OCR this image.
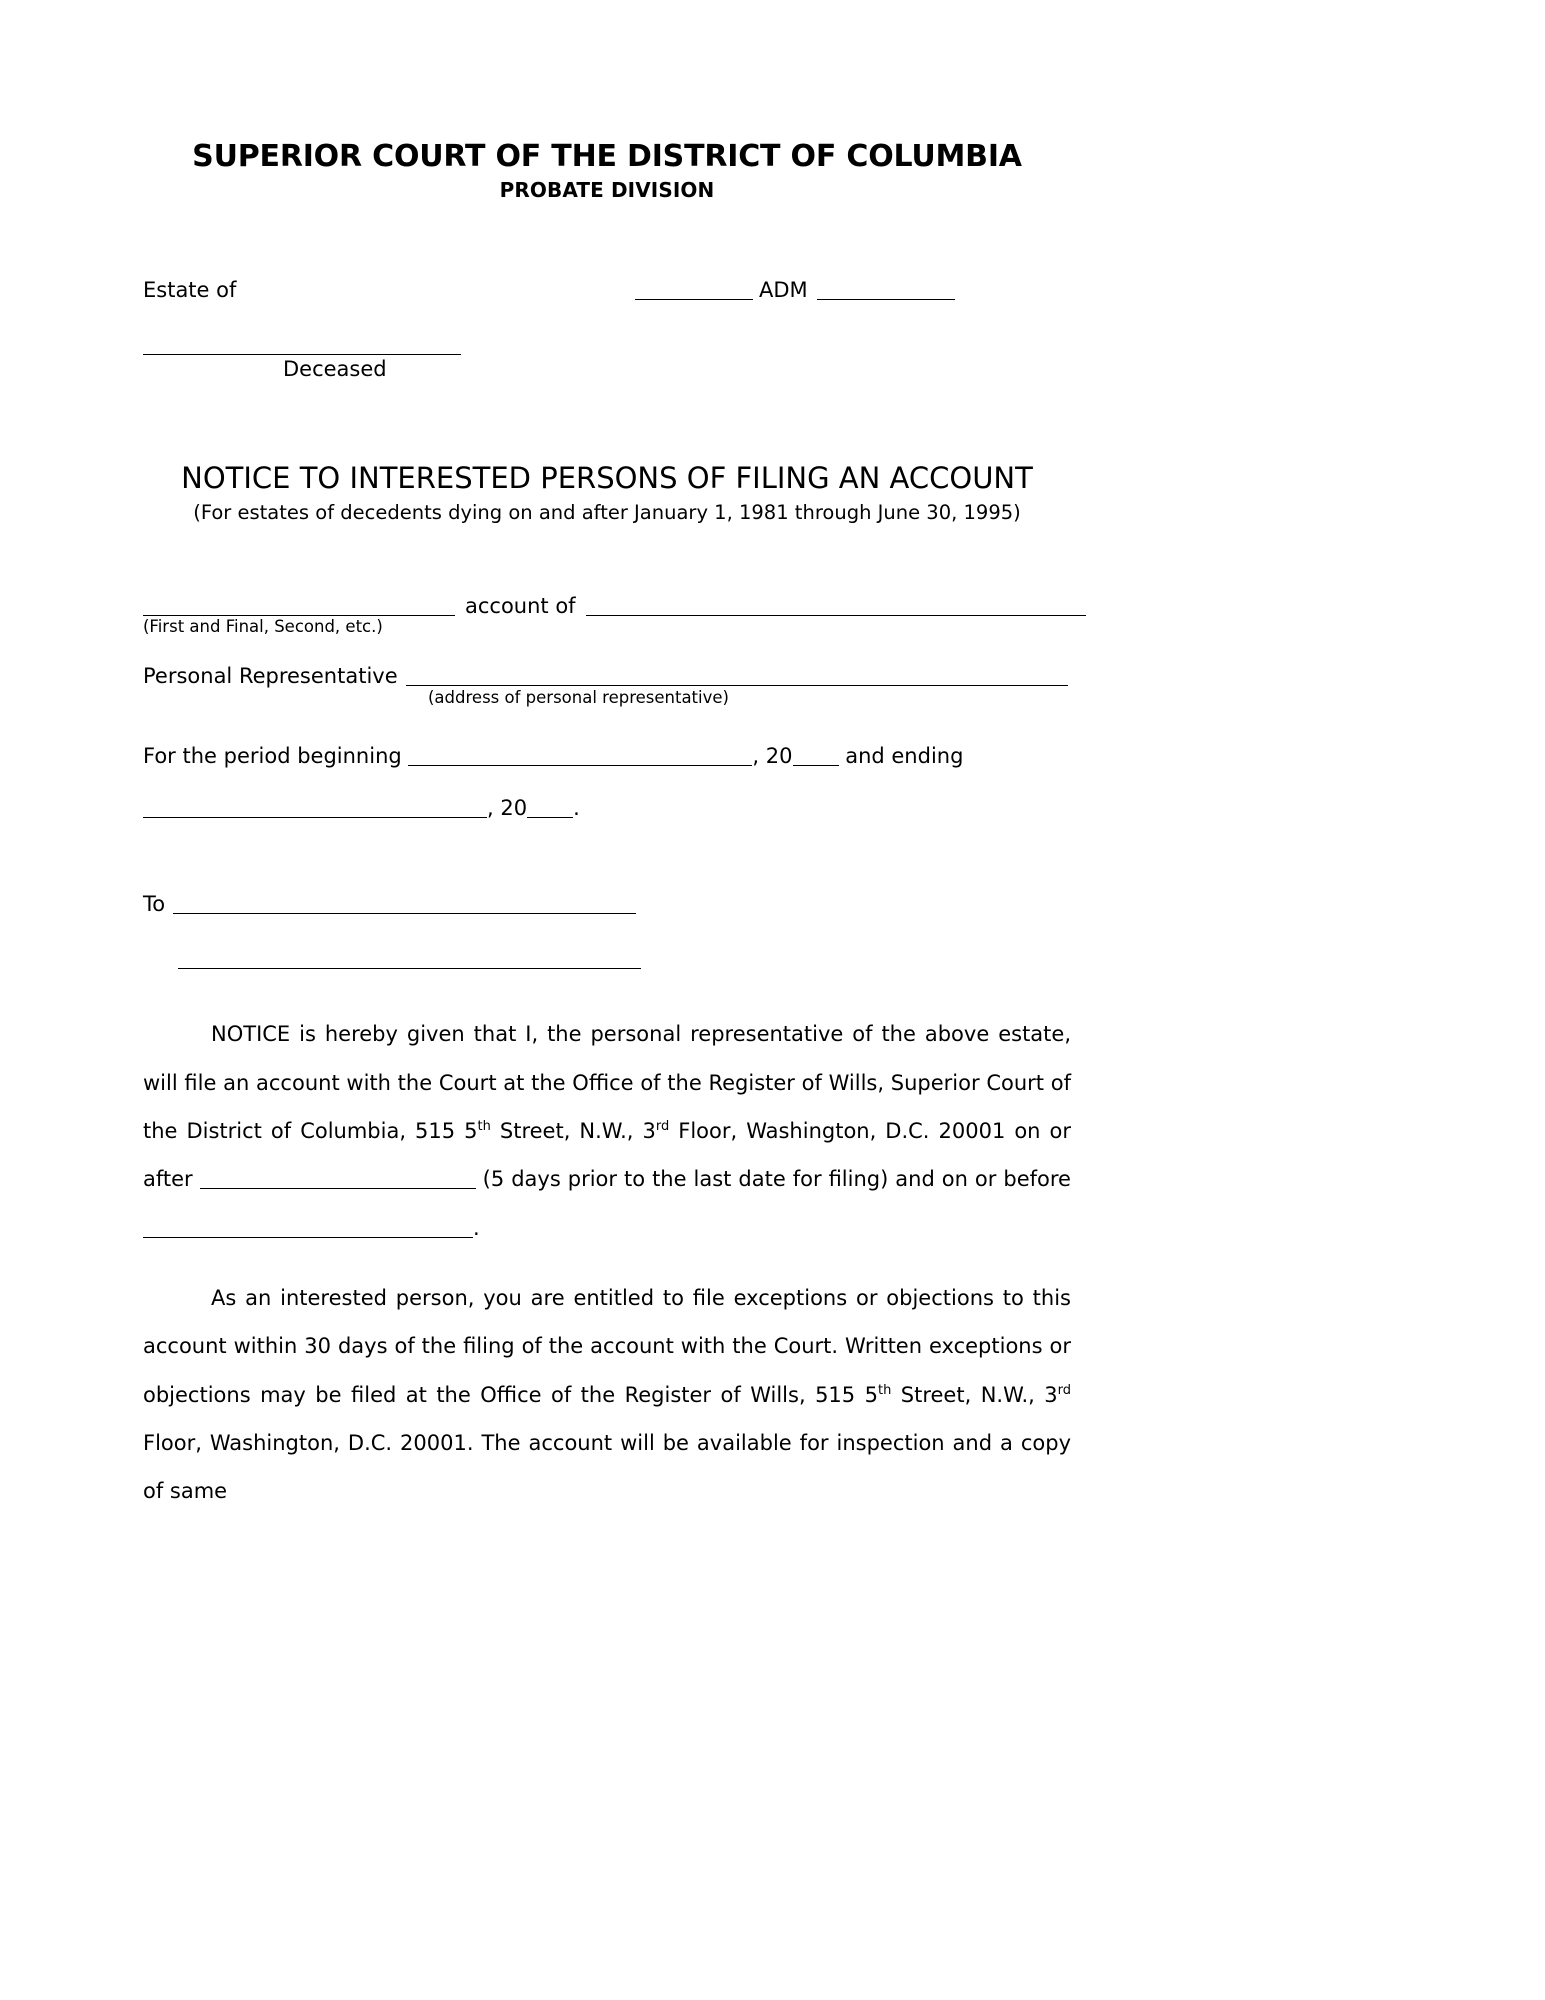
SUPERIOR COURT OF THE DISTRICT OF COLUMBIA
PROBATE DIVISION
Estate of	ADM
Deceased
NOTICE TO INTERESTED PERSONS OF FILING AN ACCOUNT
(For estates of decedents dying on and after January 1, 1981 through June 30, 1995)
account of
(First and Final, Second, etc.)
Personal Representative
(address of personal representative)
For the period beginning	, 20	and ending
, 20 .
To
NOTICE is hereby given that I, the personal representative of the above estate, will file an account with the Court at the Office of the Register of Wills, Superior Court of the District of Columbia, 515 5th Street, N.W., 3rd Floor, Washington, D.C. 20001 on or after	(5 days prior to the last date for filing) and on or before .
As an interested person, you are entitled to file exceptions or objections to this account within 30 days of the filing of the account with the Court. Written exceptions or objections may be filed at the Office of the Register of Wills, 515 5th Street, N.W., 3rd Floor, Washington, D.C. 20001. The account will be available for inspection and a copy of same
